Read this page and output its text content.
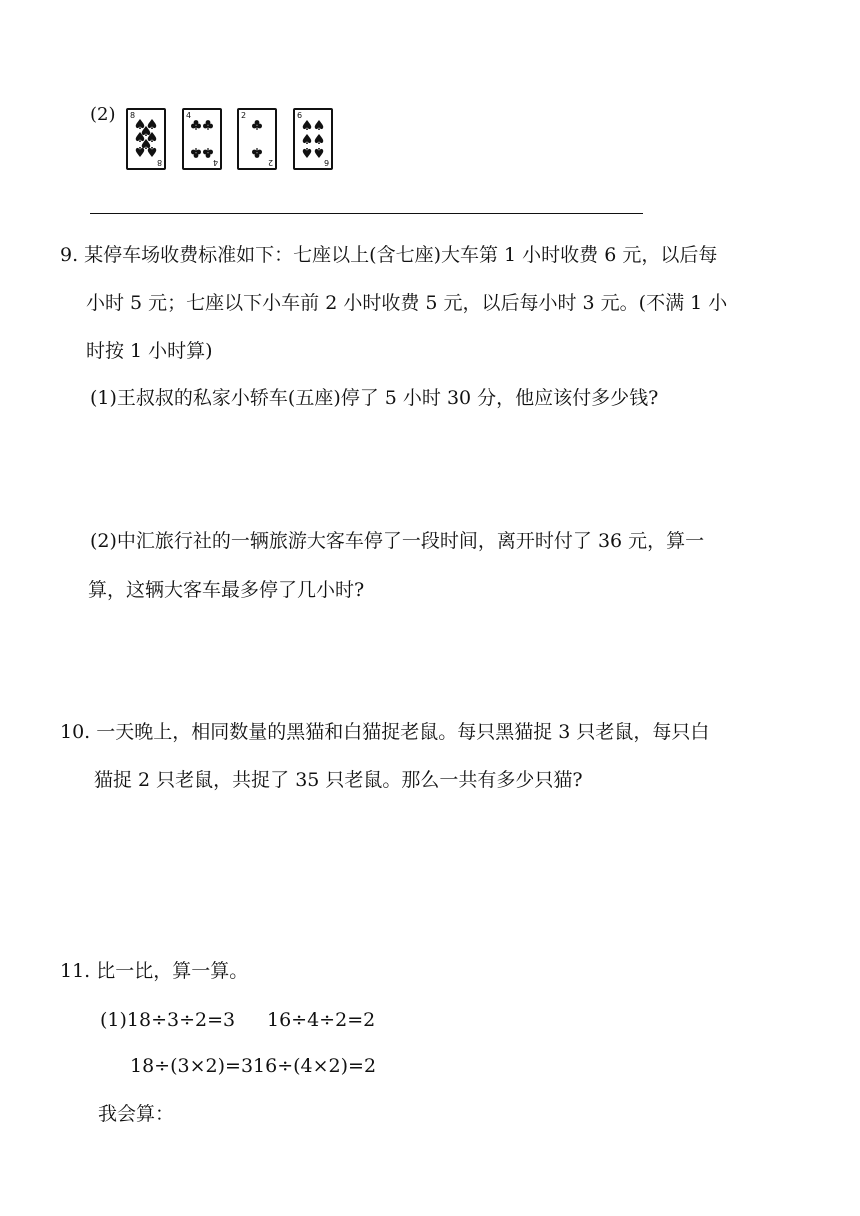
(2) 8
8
4
4
2
2
6
6
9. 某停车场收费标准如下：七座以上(含七座)大车第 1 小时收费 6 元，以后每
小时 5 元；七座以下小车前 2 小时收费 5 元，以后每小时 3 元。(不满 1 小
时按 1 小时算)
(1)王叔叔的私家小轿车(五座)停了 5 小时 30 分，他应该付多少钱?
(2)中汇旅行社的一辆旅游大客车停了一段时间，离开时付了 36 元，算一
算，这辆大客车最多停了几小时?
10. 一天晚上，相同数量的黑猫和白猫捉老鼠。每只黑猫捉 3 只老鼠，每只白
猫捉 2 只老鼠，共捉了 35 只老鼠。那么一共有多少只猫?
11. 比一比，算一算。
(1)18÷3÷2=3 16÷4÷2=2
18÷(3×2)=316÷(4×2)=2
我会算：
